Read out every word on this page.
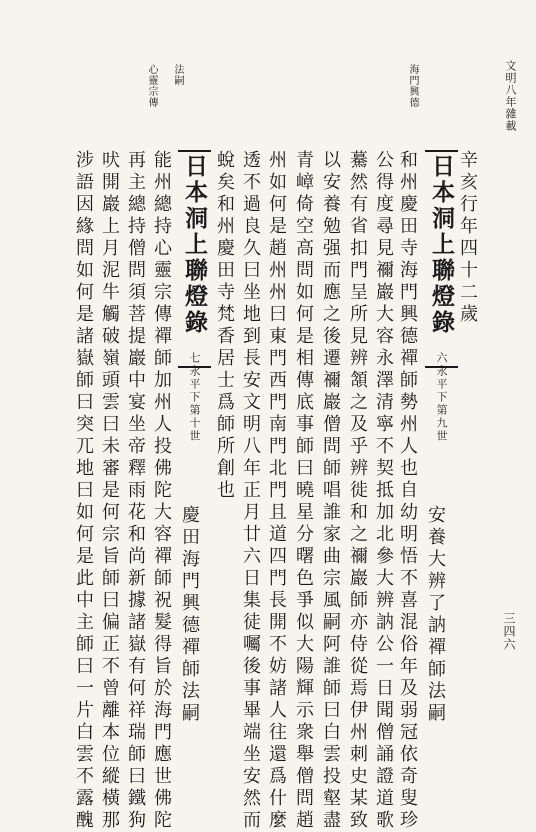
文明八年雜載
三四六
海門興德
法嗣
心靈宗傳
辛亥行年四十二歲
日本洞上聯燈錄
六永平下第九世
安養大辨了訥禪師法嗣
和州慶田寺海門興德禪師勢州人也自幼明悟不喜混俗年及弱冠依奇叟珍
公得度尋見禰巖大容永澤清寧不契抵加北參大辨訥公一日聞僧誦證道歌
驀然有省扣門呈所見辨頷之及乎辨徙和之禰巖師亦侍從焉伊州刺史某致
以安養勉强而應之後遷禰巖僧問師唱誰家曲宗風嗣阿誰師曰白雲投壑盡
青嶂倚空高問如何是相傳底事師曰曉星分曙色爭似大陽輝示衆舉僧問趙
州如何是趙州州曰東門西門南門北門且道四門長開不妨諸人往還爲什麼
透不過良久曰坐地到長安文明八年正月廿六日集徒囑後事畢端坐安然而
蛻矣和州慶田寺梵香居士爲師所創也
日本洞上聯燈錄
七永平下第十世
慶田海門興德禪師法嗣
能州總持心靈宗傳禪師加州人投佛陀大容禪師祝髮得旨於海門應世佛陀
再主總持僧問須菩提巖中宴坐帝釋雨花和尚新據諸嶽有何祥瑞師曰鐵狗
吠開巖上月泥牛觸破嶺頭雲曰未審是何宗旨師曰偏正不曾離本位縱橫那
涉語因緣問如何是諸嶽師曰突兀地曰如何是此中主師曰一片白雲不露醜
